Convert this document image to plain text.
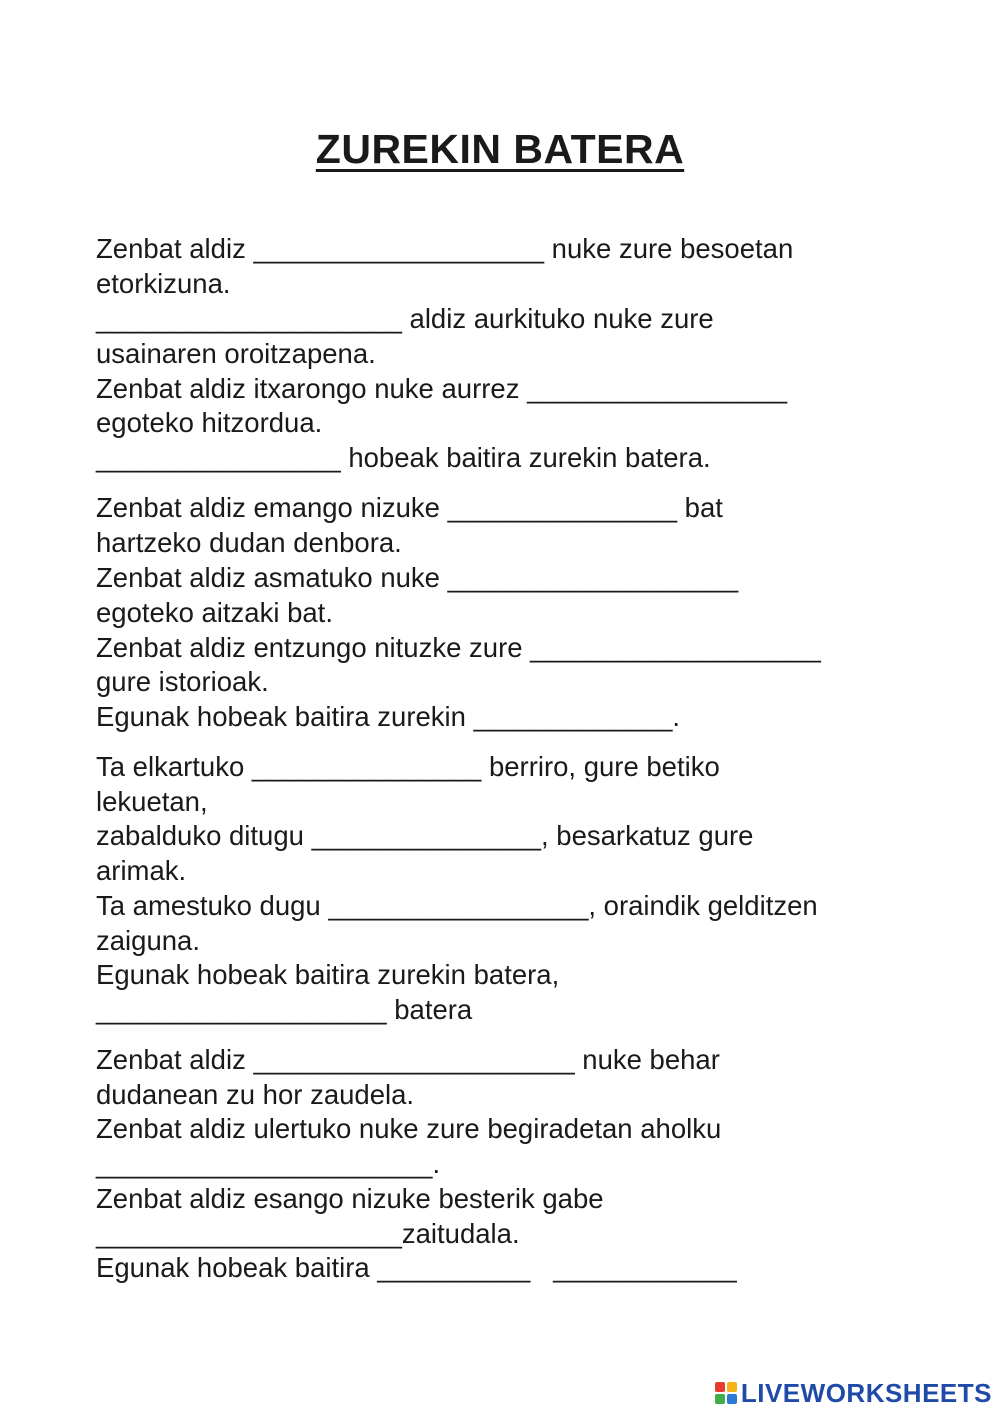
ZUREKIN BATERA
Zenbat aldiz ___________________ nuke zure besoetan
etorkizuna.
____________________ aldiz aurkituko nuke zure
usainaren oroitzapena.
Zenbat aldiz itxarongo nuke aurrez _________________
egoteko hitzordua.
________________ hobeak baitira zurekin batera.
Zenbat aldiz emango nizuke _______________ bat
hartzeko dudan denbora.
Zenbat aldiz asmatuko nuke ___________________
egoteko aitzaki bat.
Zenbat aldiz entzungo nituzke zure ___________________
gure istorioak.
Egunak hobeak baitira zurekin _____________.
Ta elkartuko _______________ berriro, gure betiko
lekuetan,
zabalduko ditugu _______________, besarkatuz gure
arimak.
Ta amestuko dugu _________________, oraindik gelditzen
zaiguna.
Egunak hobeak baitira zurekin batera,
___________________ batera
Zenbat aldiz _____________________ nuke behar
dudanean zu hor zaudela.
Zenbat aldiz ulertuko nuke zure begiradetan aholku
______________________.
Zenbat aldiz esango nizuke besterik gabe
____________________zaitudala.
Egunak hobeak baitira __________   ____________
LIVEWORKSHEETS
